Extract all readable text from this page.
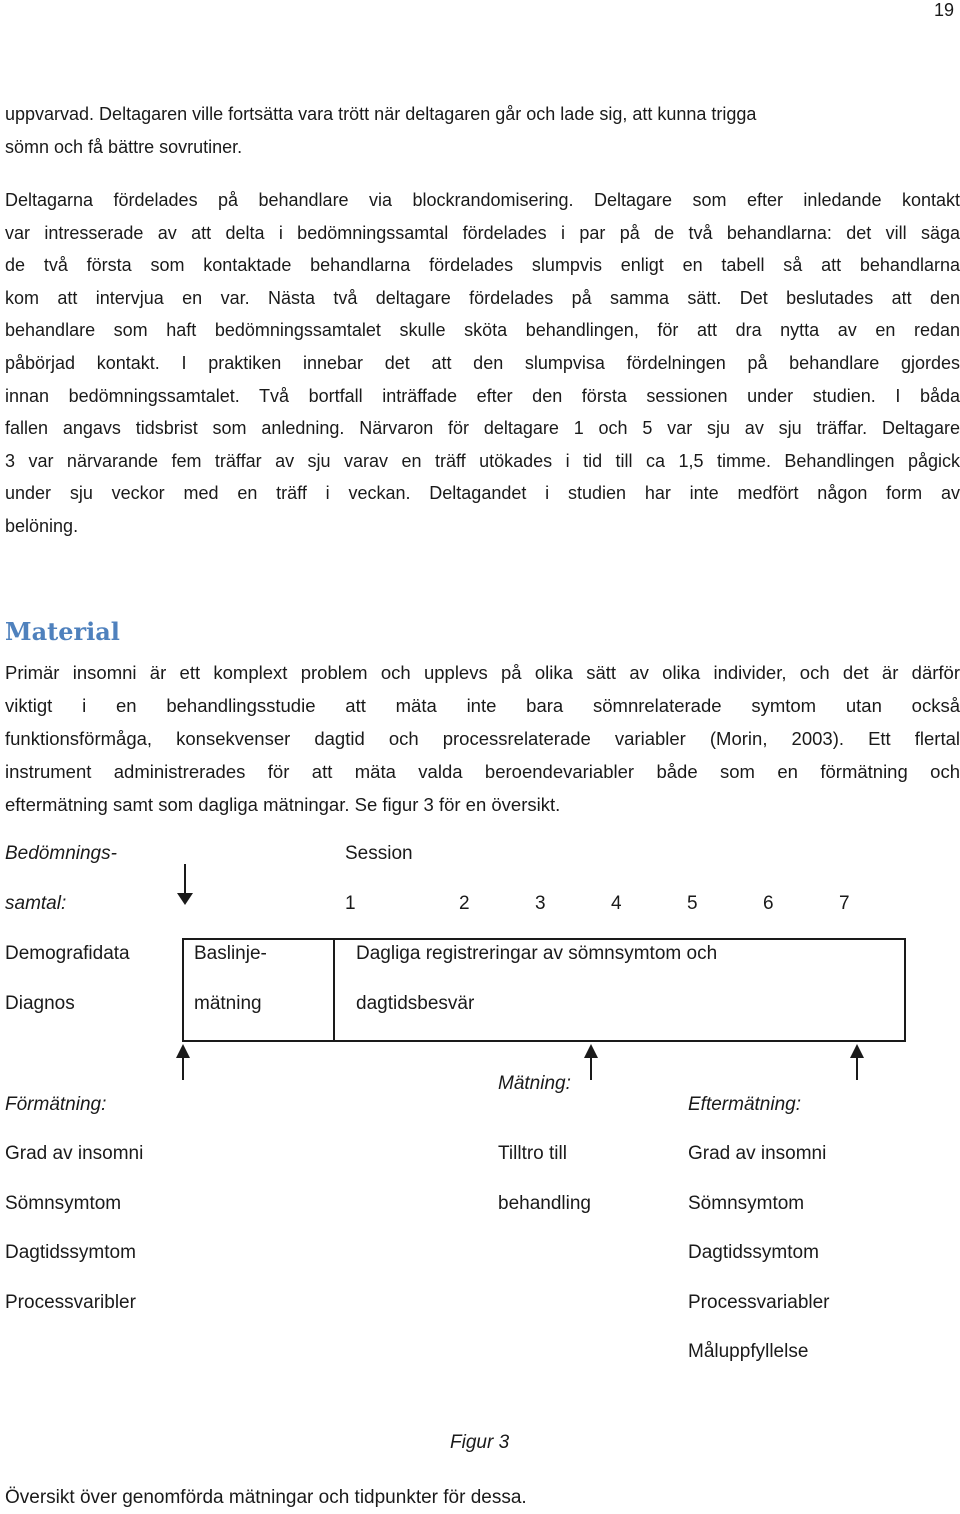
19
uppvarvad. Deltagaren ville fortsätta vara trött när deltagaren går och lade sig, att kunna trigga
sömn och få bättre sovrutiner.
Deltagarna fördelades på behandlare via blockrandomisering. Deltagare som efter inledande kontakt
var intresserade av att delta i bedömningssamtal fördelades i par på de två behandlarna: det vill säga
de två första som kontaktade behandlarna fördelades slumpvis enligt en tabell så att behandlarna
kom att intervjua en var. Nästa två deltagare fördelades på samma sätt. Det beslutades att den
behandlare som haft bedömningssamtalet skulle sköta behandlingen, för att dra nytta av en redan
påbörjad kontakt. I praktiken innebar det att den slumpvisa fördelningen på behandlare gjordes
innan bedömningssamtalet. Två bortfall inträffade efter den första sessionen under studien. I båda
fallen angavs tidsbrist som anledning. Närvaron för deltagare 1 och 5 var sju av sju träffar. Deltagare
3 var närvarande fem träffar av sju varav en träff utökades i tid till ca 1,5 timme. Behandlingen pågick
under sju veckor med en träff i veckan. Deltagandet i studien har inte medfört någon form av
belöning.
Material
Primär insomni är ett komplext problem och upplevs på olika sätt av olika individer, och det är därför
viktigt i en behandlingsstudie att mäta inte bara sömnrelaterade symtom utan också
funktionsförmåga, konsekvenser dagtid och processrelaterade variabler (Morin, 2003). Ett flertal
instrument administrerades för att mäta valda beroendevariabler både som en förmätning och
eftermätning samt som dagliga mätningar. Se figur 3 för en översikt.
Bedömnings-
samtal:
Session
1	2	3	4	5	6	7
Demografidata
Diagnos
Baslinje-
mätning
Dagliga registreringar av sömnsymtom och
dagtidsbesvär
Förmätning:
Grad av insomni
Sömnsymtom
Dagtidssymtom
Processvaribler
Mätning:
Tilltro till
behandling
Eftermätning:
Grad av insomni
Sömnsymtom
Dagtidssymtom
Processvariabler
Måluppfyllelse
Figur 3
Översikt över genomförda mätningar och tidpunkter för dessa.
